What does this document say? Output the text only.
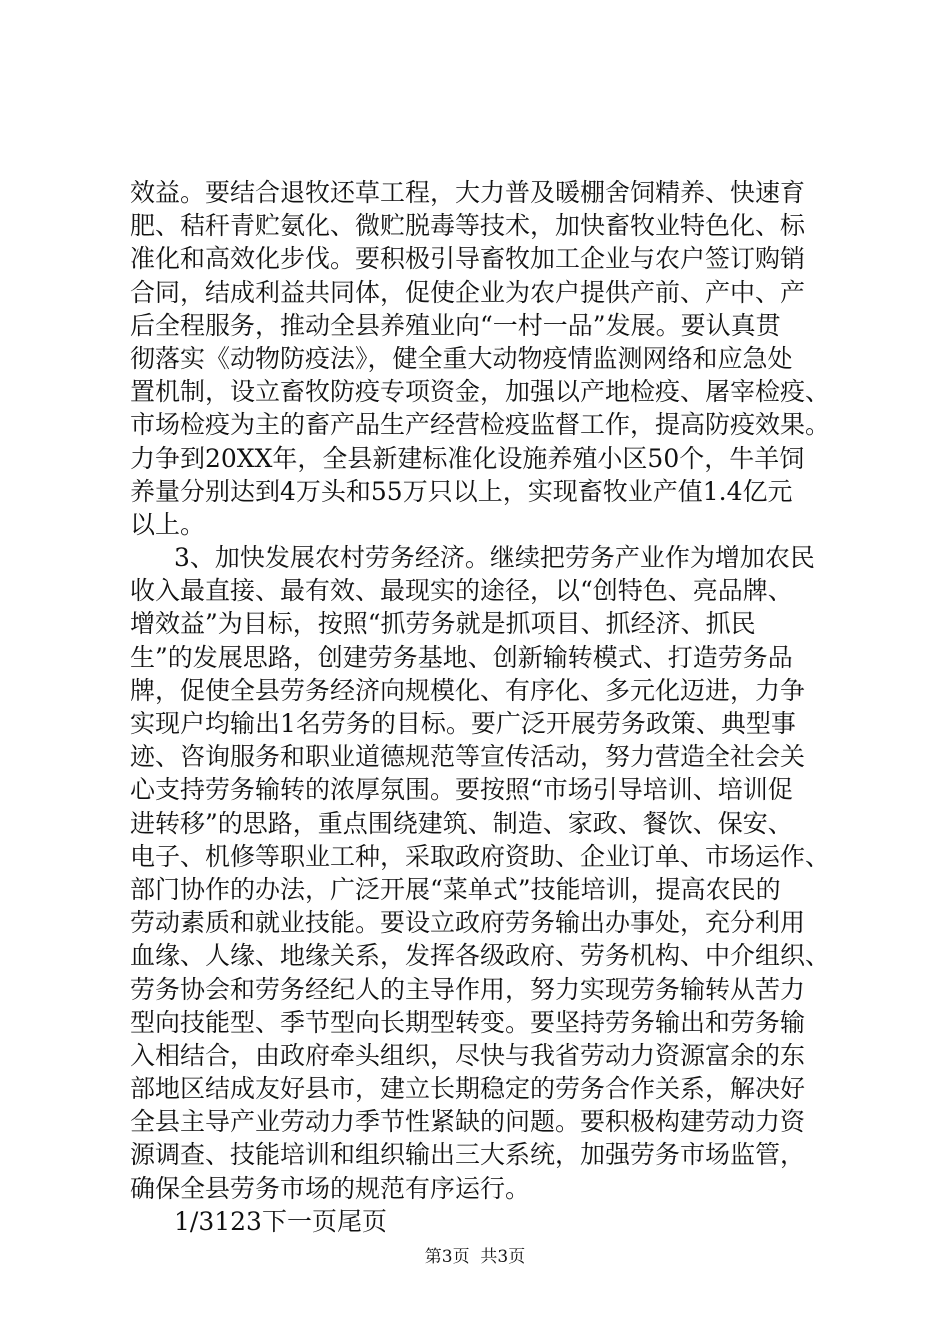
效益。要结合退牧还草工程，大力普及暖棚舍饲精养、快速育
肥、秸秆青贮氨化、微贮脱毒等技术，加快畜牧业特色化、标
准化和高效化步伐。要积极引导畜牧加工企业与农户签订购销
合同，结成利益共同体，促使企业为农户提供产前、产中、产
后全程服务，推动全县养殖业向“一村一品”发展。要认真贯
彻落实《动物防疫法》，健全重大动物疫情监测网络和应急处
置机制，设立畜牧防疫专项资金，加强以产地检疫、屠宰检疫、
市场检疫为主的畜产品生产经营检疫监督工作，提高防疫效果。
力争到20XX年，全县新建标准化设施养殖小区50个，牛羊饲
养量分别达到4万头和55万只以上，实现畜牧业产值1.4亿元
以上。
3、加快发展农村劳务经济。继续把劳务产业作为增加农民
收入最直接、最有效、最现实的途径，以“创特色、亮品牌、
增效益”为目标，按照“抓劳务就是抓项目、抓经济、抓民
生”的发展思路，创建劳务基地、创新输转模式、打造劳务品
牌，促使全县劳务经济向规模化、有序化、多元化迈进，力争
实现户均输出1名劳务的目标。要广泛开展劳务政策、典型事
迹、咨询服务和职业道德规范等宣传活动，努力营造全社会关
心支持劳务输转的浓厚氛围。要按照“市场引导培训、培训促
进转移”的思路，重点围绕建筑、制造、家政、餐饮、保安、
电子、机修等职业工种，采取政府资助、企业订单、市场运作、
部门协作的办法，广泛开展“菜单式”技能培训，提高农民的
劳动素质和就业技能。要设立政府劳务输出办事处，充分利用
血缘、人缘、地缘关系，发挥各级政府、劳务机构、中介组织、
劳务协会和劳务经纪人的主导作用，努力实现劳务输转从苦力
型向技能型、季节型向长期型转变。要坚持劳务输出和劳务输
入相结合，由政府牵头组织，尽快与我省劳动力资源富余的东
部地区结成友好县市，建立长期稳定的劳务合作关系，解决好
全县主导产业劳动力季节性紧缺的问题。要积极构建劳动力资
源调查、技能培训和组织输出三大系统，加强劳务市场监管，
确保全县劳务市场的规范有序运行。
1/3123下一页尾页
第3页  共3页
